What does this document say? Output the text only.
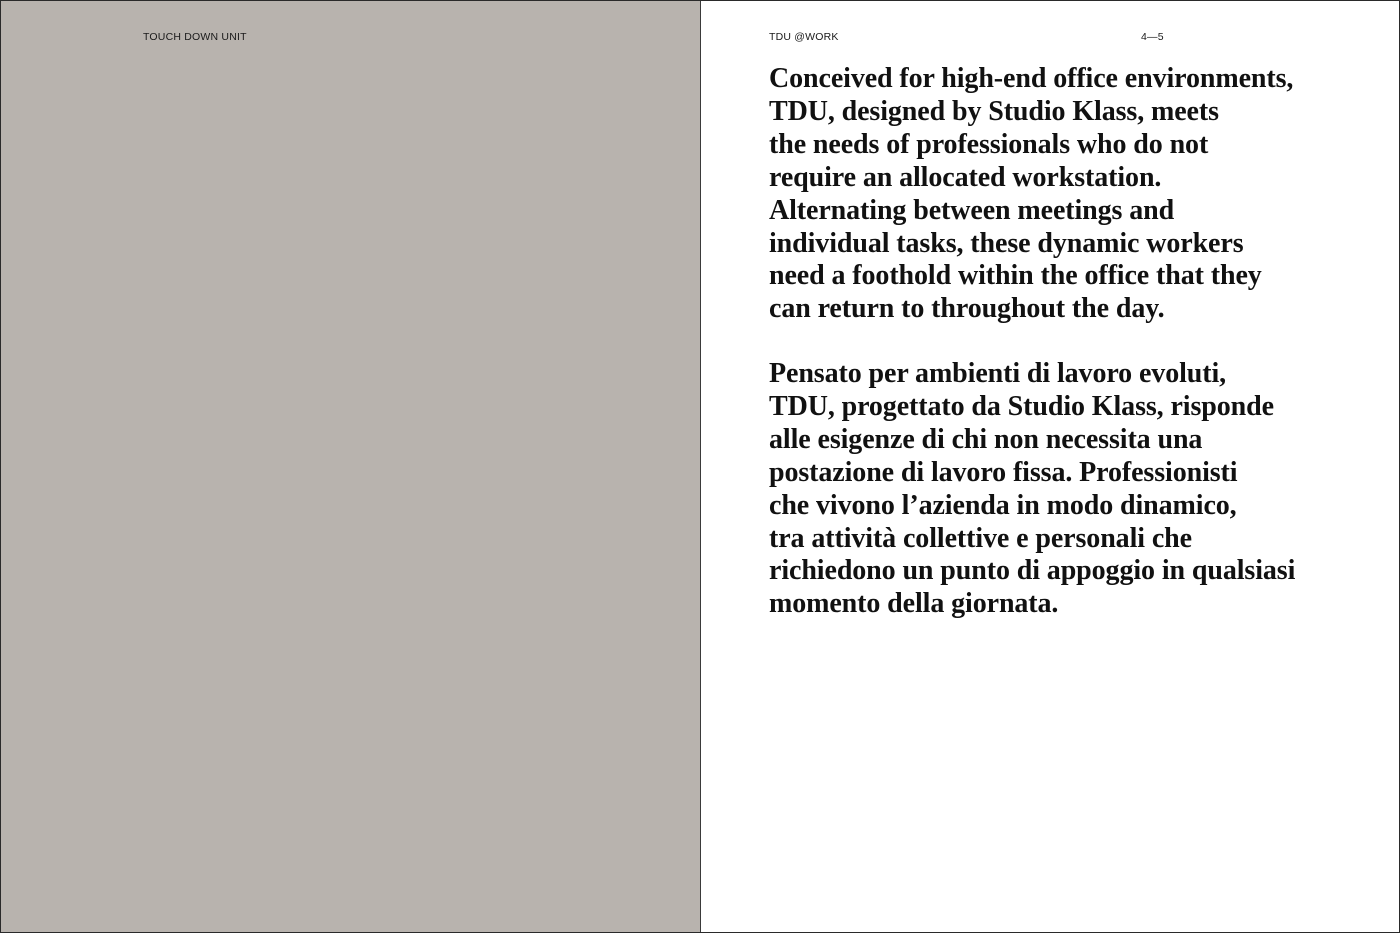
TOUCH DOWN UNIT	TDU @WORK	4—5

Conceived for high-end office environments,
TDU, designed by Studio Klass, meets
the needs of professionals who do not
require an allocated workstation.
Alternating between meetings and
individual tasks, these dynamic workers
need a foothold within the office that they
can return to throughout the day.

Pensato per ambienti di lavoro evoluti,
TDU, progettato da Studio Klass, risponde
alle esigenze di chi non necessita una
postazione di lavoro fissa. Professionisti
che vivono l’azienda in modo dinamico,
tra attività collettive e personali che
richiedono un punto di appoggio in qualsiasi
momento della giornata.
